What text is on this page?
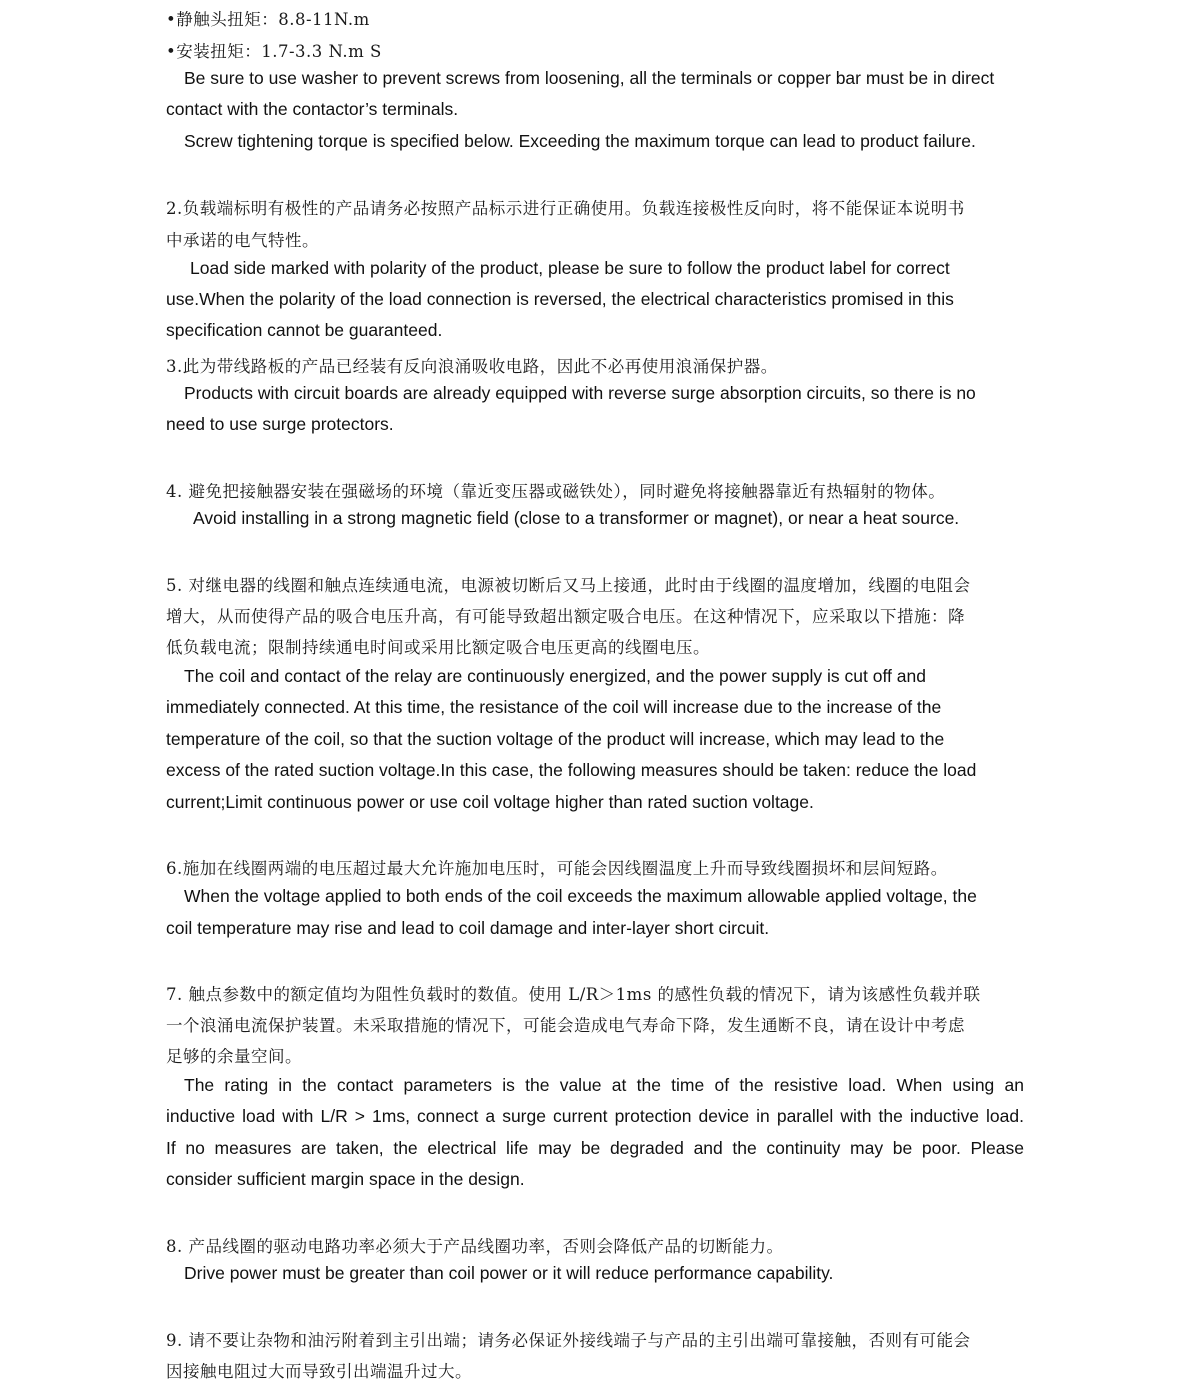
•静触头扭矩：8.8-11N.m
•安装扭矩：1.7-3.3 N.m S
Be sure to use washer to prevent screws from loosening, all the terminals or copper bar must be in direct
contact with the contactor’s terminals.
Screw tightening torque is specified below. Exceeding the maximum torque can lead to product failure.
2.负载端标明有极性的产品请务必按照产品标示进行正确使用。负载连接极性反向时，将不能保证本说明书
中承诺的电气特性。
Load side marked with polarity of the product, please be sure to follow the product label for correct
use.When the polarity of the load connection is reversed, the electrical characteristics promised in this
specification cannot be guaranteed.
3.此为带线路板的产品已经装有反向浪涌吸收电路，因此不必再使用浪涌保护器。
Products with circuit boards are already equipped with reverse surge absorption circuits, so there is no
need to use surge protectors.
4. 避免把接触器安装在强磁场的环境（靠近变压器或磁铁处），同时避免将接触器靠近有热辐射的物体。
Avoid installing in a strong magnetic field (close to a transformer or magnet), or near a heat source.
5. 对继电器的线圈和触点连续通电流，电源被切断后又马上接通，此时由于线圈的温度增加，线圈的电阻会
增大，从而使得产品的吸合电压升高，有可能导致超出额定吸合电压。在这种情况下，应采取以下措施：降
低负载电流；限制持续通电时间或采用比额定吸合电压更高的线圈电压。
The coil and contact of the relay are continuously energized, and the power supply is cut off and
immediately connected. At this time, the resistance of the coil will increase due to the increase of the
temperature of the coil, so that the suction voltage of the product will increase, which may lead to the
excess of the rated suction voltage.In this case, the following measures should be taken: reduce the load
current;Limit continuous power or use coil voltage higher than rated suction voltage.
6.施加在线圈两端的电压超过最大允许施加电压时，可能会因线圈温度上升而导致线圈损坏和层间短路。
When the voltage applied to both ends of the coil exceeds the maximum allowable applied voltage, the
coil temperature may rise and lead to coil damage and inter-layer short circuit.
7. 触点参数中的额定值均为阻性负载时的数值。使用 L/R＞1ms 的感性负载的情况下，请为该感性负载并联
一个浪涌电流保护装置。未采取措施的情况下，可能会造成电气寿命下降，发生通断不良，请在设计中考虑
足够的余量空间。
The rating in the contact parameters is the value at the time of the resistive load. When using an
inductive load with L/R > 1ms, connect a surge current protection device in parallel with the inductive load.
If no measures are taken, the electrical life may be degraded and the continuity may be poor. Please
consider sufficient margin space in the design.
8. 产品线圈的驱动电路功率必须大于产品线圈功率，否则会降低产品的切断能力。
Drive power must be greater than coil power or it will reduce performance capability.
9. 请不要让杂物和油污附着到主引出端；请务必保证外接线端子与产品的主引出端可靠接触，否则有可能会
因接触电阻过大而导致引出端温升过大。
